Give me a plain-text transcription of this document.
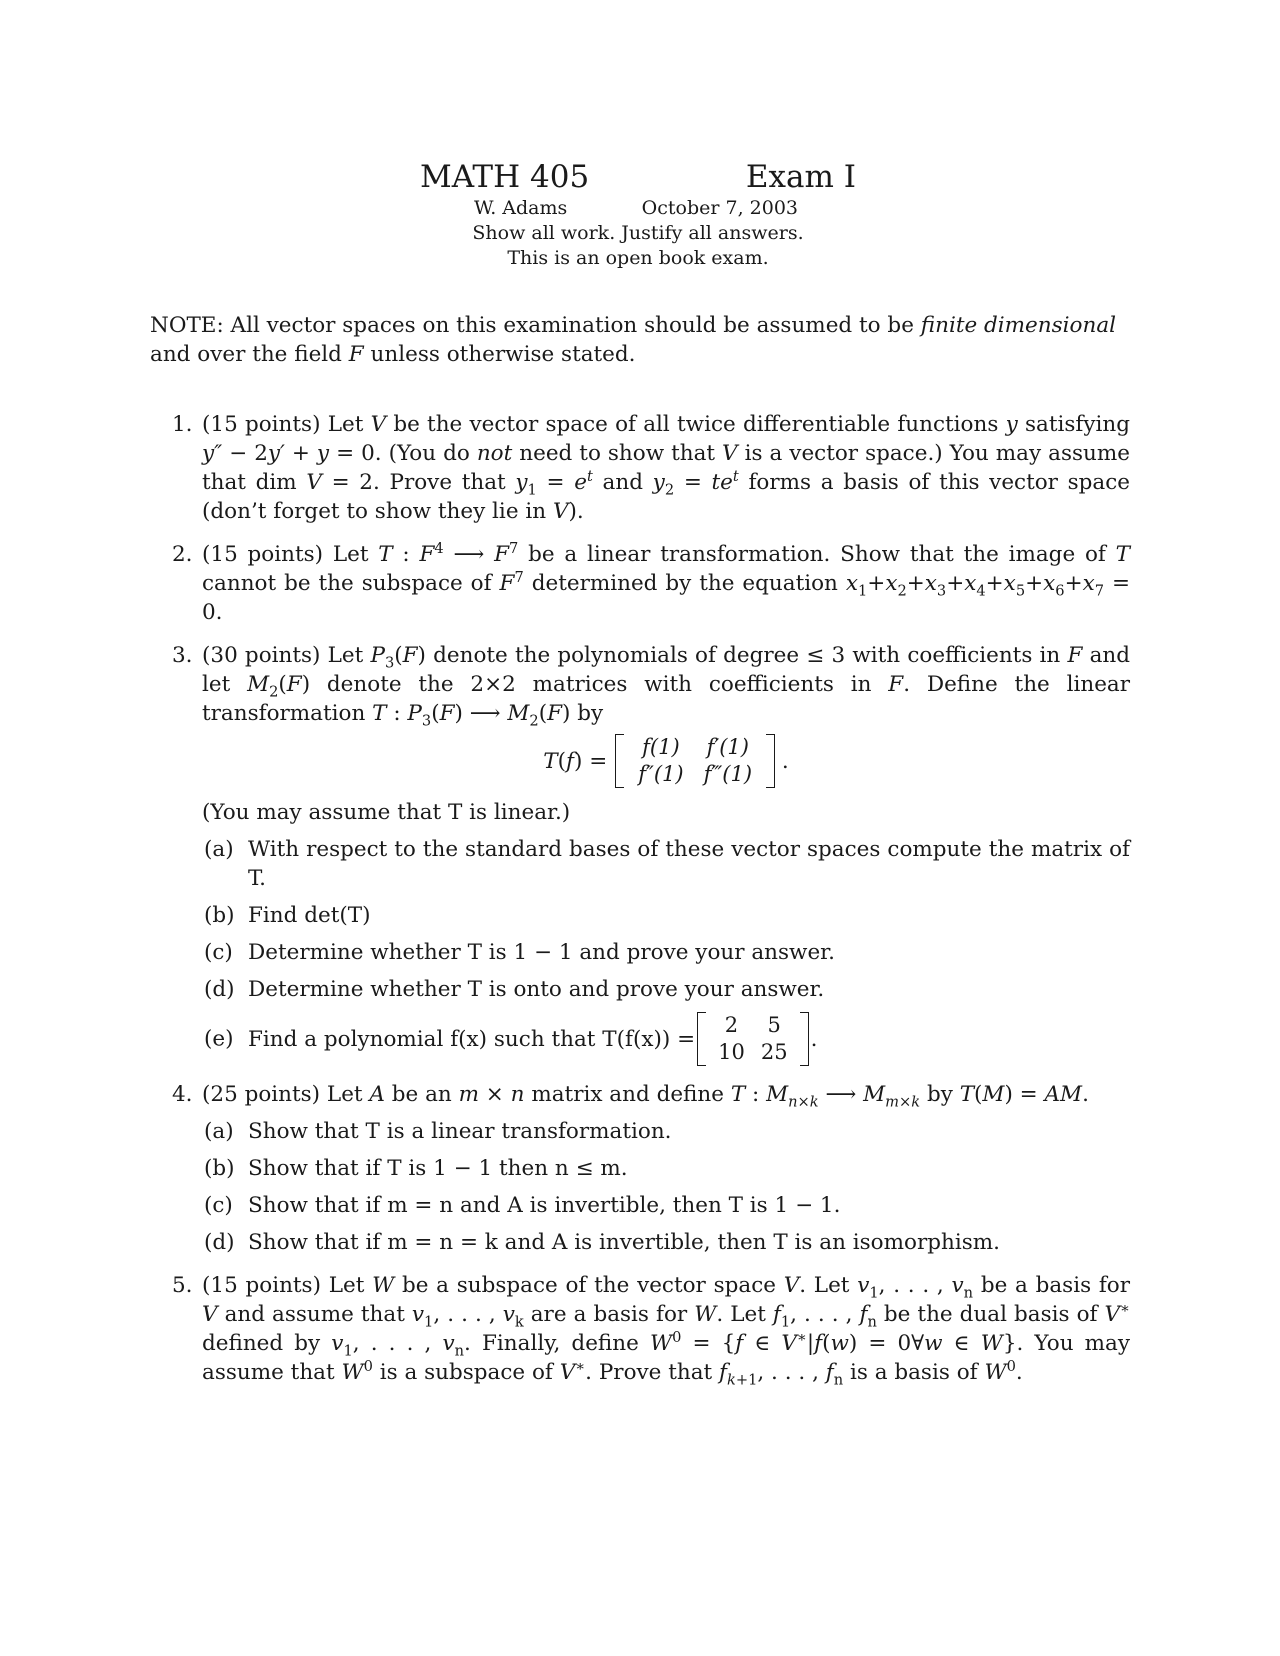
MATH 405	Exam I
W. Adams	October 7, 2003
Show all work. Justify all answers.
This is an open book exam.
NOTE: All vector spaces on this examination should be assumed to be finite dimensional and over the field F unless otherwise stated.
1. (15 points) Let V be the vector space of all twice differentiable functions y satisfying y″ − 2y′ + y = 0. (You do not need to show that V is a vector space.) You may assume that dim V = 2. Prove that $y_1 = e^t$ and $y_2 = te^t$ forms a basis of this vector space (don’t forget to show they lie in V).

2. (15 points) Let T : $F^4$ ⟶ $F^7$ be a linear transformation. Show that the image of T cannot be the subspace of $F^7$ determined by the equation $x_1+x_2+x_3+x_4+x_5+x_6+x_7 = 0$.

3. (30 points) Let $P_3(F)$ denote the polynomials of degree ≤ 3 with coefficients in F and let $M_2(F)$ denote the 2×2 matrices with coefficients in F. Define the linear transformation T : $P_3(F)$ ⟶ $M_2(F)$ by

T ( f ) =
f(1)	f′(1)
f″(1)	f‴(1)
.

(You may assume that T is linear.)

(a) With respect to the standard bases of these vector spaces compute the matrix of T.
(b) Find det(T)
(c) Determine whether T is 1 − 1 and prove your answer.
(d) Determine whether T is onto and prove your answer.
(e) Find a polynomial f(x) such that T(f(x)) =
2	5
10	25
.
4. (25 points) Let A be an m × n matrix and define T : $M_{n\times k}$ ⟶ $M_{m\times k}$ by T(M) = AM.

(a) Show that T is a linear transformation.
(b) Show that if T is 1 − 1 then n ≤ m.
(c) Show that if m = n and A is invertible, then T is 1 − 1.
(d) Show that if m = n = k and A is invertible, then T is an isomorphism.
5. (15 points) Let W be a subspace of the vector space V. Let $v_1$, . . . , $v_n$ be a basis for V and assume that $v_1$, . . . , $v_k$ are a basis for W. Let $f_1$, . . . , $f_n$ be the dual basis of V∗ defined by $v_1$, . . . , $v_n$. Finally, define $W^0 = \{f$ ∈ V∗|f(w) = 0∀w ∈ W}. You may assume that $W^0$ is a subspace of V∗. Prove that $f_{k+1}$, . . . , $f_n$ is a basis of $W^0$.
